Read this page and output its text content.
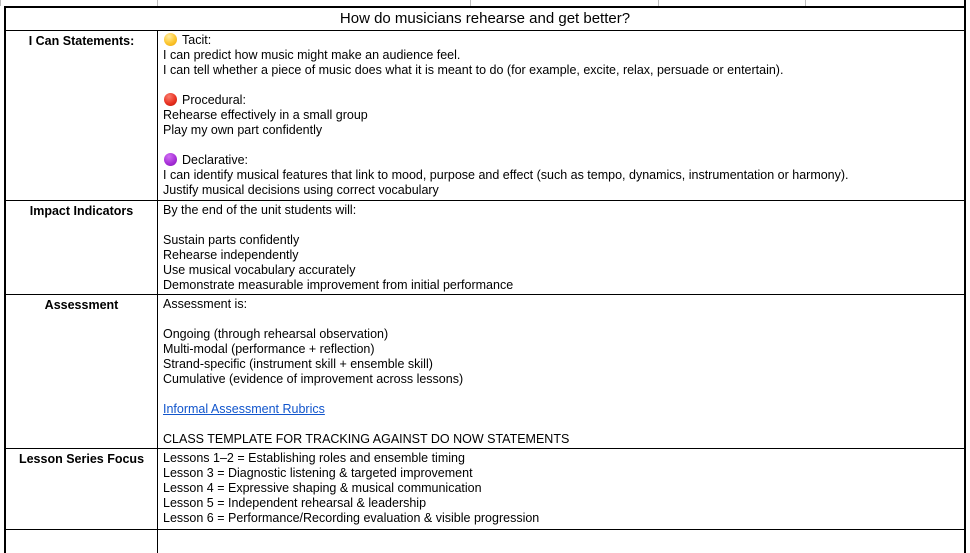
How do musicians rehearse and get better?
I Can Statements:	Tacit:
I can predict how music might make an audience feel.
I can tell whether a piece of music does what it is meant to do (for example, excite, relax, persuade or entertain).
Procedural:
Rehearse effectively in a small group
Play my own part confidently
Declarative:
I can identify musical features that link to mood, purpose and effect (such as tempo, dynamics, instrumentation or harmony).
Justify musical decisions using correct vocabulary
Impact Indicators	By the end of the unit students will:
Sustain parts confidently
Rehearse independently
Use musical vocabulary accurately
Demonstrate measurable improvement from initial performance
Assessment	Assessment is:
Ongoing (through rehearsal observation)
Multi-modal (performance + reflection)
Strand-specific (instrument skill + ensemble skill)
Cumulative (evidence of improvement across lessons)
Informal Assessment Rubrics
CLASS TEMPLATE FOR TRACKING AGAINST DO NOW STATEMENTS
Lesson Series Focus	Lessons 1–2 = Establishing roles and ensemble timing
Lesson 3 = Diagnostic listening & targeted improvement
Lesson 4 = Expressive shaping & musical communication
Lesson 5 = Independent rehearsal & leadership
Lesson 6 = Performance/Recording evaluation & visible progression
